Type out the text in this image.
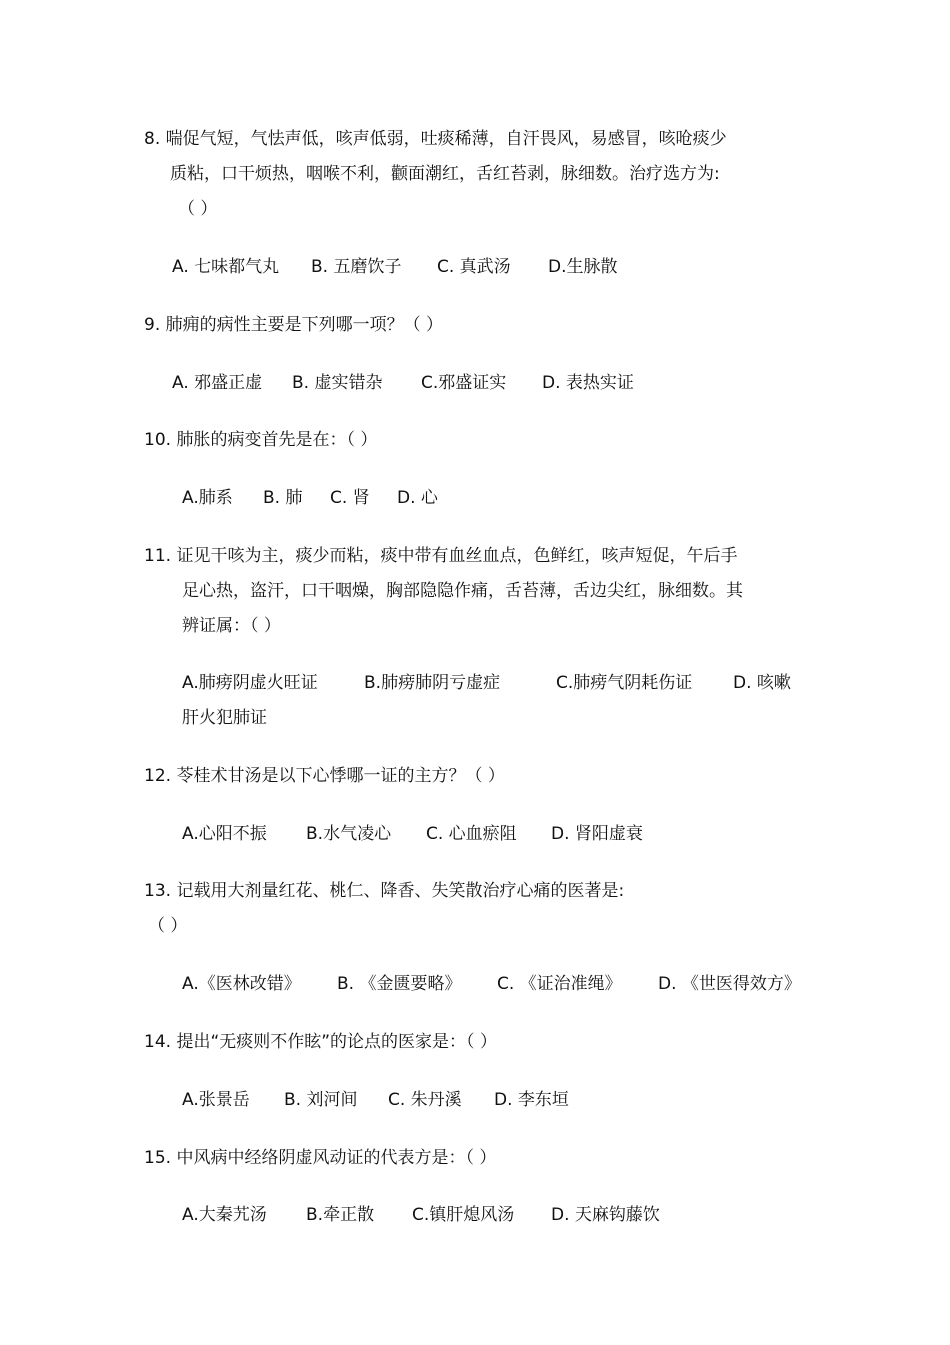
8. 喘促气短，气怯声低，咳声低弱，吐痰稀薄，自汗畏风，易感冒，咳呛痰少
质粘，口干烦热，咽喉不利，颧面潮红，舌红苔剥，脉细数。治疗选方为:
（ ）
A. 七味都气丸 B. 五磨饮子 C. 真武汤 D.生脉散
9. 肺痈的病性主要是下列哪一项？（ ）
A. 邪盛正虚 B. 虚实错杂 C.邪盛证实 D. 表热实证
10. 肺胀的病变首先是在：（ ）
A.肺系 B. 肺 C. 肾 D. 心
11. 证见干咳为主，痰少而粘，痰中带有血丝血点，色鲜红，咳声短促，午后手
足心热，盗汗，口干咽燥，胸部隐隐作痛，舌苔薄，舌边尖红，脉细数。其
辨证属：（ ）
A.肺痨阴虚火旺证	B.肺痨肺阴亏虚症	C.肺痨气阴耗伤证 D. 咳嗽
肝火犯肺证
12. 苓桂术甘汤是以下心悸哪一证的主方？（ ）
A.心阳不振 B.水气凌心 C. 心血瘀阻 D. 肾阳虚衰
13. 记载用大剂量红花、桃仁、降香、失笑散治疗心痛的医著是:
（ ）
A.《医林改错》 B. 《金匮要略》 C. 《证治准绳》 D. 《世医得效方》
14. 提出“无痰则不作眩”的论点的医家是：（ ）
A.张景岳 B. 刘河间 C. 朱丹溪 D. 李东垣
15. 中风病中经络阴虚风动证的代表方是：（ ）
A.大秦艽汤 B.牵正散 C.镇肝熄风汤 D. 天麻钩藤饮
